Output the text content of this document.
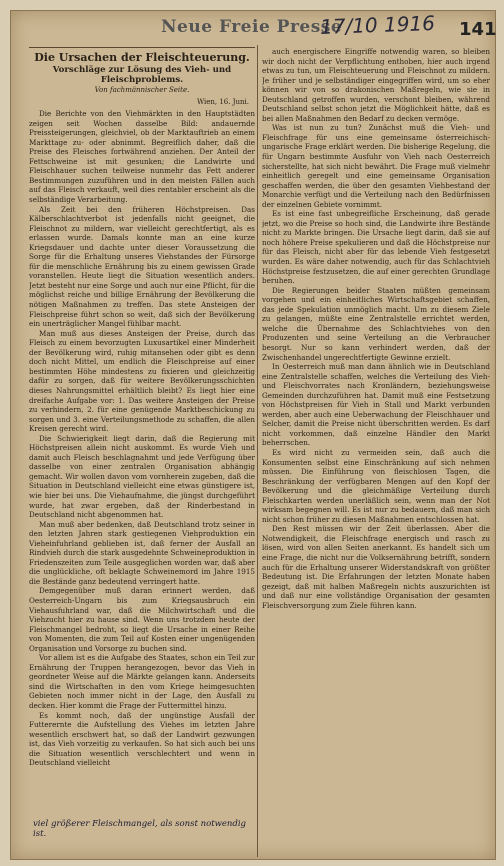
Neue Freie Presse
17/10 1916 141
Die Ursachen der Fleischteuerung.
Vorschläge zur Lösung des Vieh- und Fleischproblems.
Von fachmännischer Seite.
Wien, 16. Juni.

Die Berichte von den Viehmärkten in den Hauptstädten zeigen seit Wochen dasselbe Bild: andauernde Preissteigerungen, gleichviel, ob der Marktauftrieb an einem Markttage zu- oder abnimmt. Begreiflich daher, daß die Preise des Fleisches fortwährend anziehen. Der Anteil der Fettschweine ist mit gesunken; die Landwirte und Fleischhauer suchen teilweise nunmehr das Fett anderer Bestimmungen zuzuführen und in den meisten Fällen auch auf das Fleisch verkauft, weil dies rentabler erscheint als die selbständige Verarbeitung.

Als Zeit bei den früheren Höchstpreisen. Das Kälberschlachtverbot ist jedenfalls nicht geeignet, die Fleischnot zu mildern, war vielleicht gerechtfertigt, als es erlassen wurde. Damals konnte man an eine kurze Kriegsdauer und dachte unter dieser Voraussetzung die Sorge für die Erhaltung unseres Viehstandes der Fürsorge für die menschliche Ernährung bis zu einem gewissen Grade voranstellen. Heute liegt die Situation wesentlich anders. Jetzt besteht nur eine Sorge und auch nur eine Pflicht, für die möglichst reiche und billige Ernährung der Bevölkerung die nötigen Maßnahmen zu treffen. Das stete Ansteigen der Fleischpreise führt schon so weit, daß sich der Bevölkerung ein unerträglicher Mangel fühlbar macht.

Man muß aus dieses Ansteigen der Preise, durch das Fleisch zu einem bevorzugten Luxusartikel einer Minderheit der Bevölkerung wird, ruhig mitansehen oder gibt es denn doch nicht Mittel, um endlich die Fleischpreise auf einer bestimmten Höhe mindestens zu fixieren und gleichzeitig dafür zu sorgen, daß für weitere Bevölkerungsschichten dieses Nahrungsmittel erhältlich bleibt? Es liegt hier eine dreifache Aufgabe vor: 1. Das weitere Ansteigen der Preise zu verhindern, 2. für eine genügende Marktbeschickung zu sorgen und 3. eine Verteilungsmethode zu schaffen, die allen Kreisen gerecht wird.

Die Schwierigkeit liegt darin, daß die Regierung mit Höchstpreisen allein nicht auskommt. Es wurde Vieh und damit auch Fleisch beschlagnahmt und jede Verfügung über dasselbe von einer zentralen Organisation abhängig gemacht. Wir wollen davon vom vornherein zugeben, daß die Situation in Deutschland vielleicht eine etwas günstigere ist, wie hier bei uns. Die Viehaufnahme, die jüngst durchgeführt wurde, hat zwar ergeben, daß der Rinderbestand in Deutschland nicht abgenommen hat.

Man muß aber bedenken, daß Deutschland trotz seiner in den letzten Jahren stark gestiegenen Viehproduktion ein Vieheinfuhrland geblieben ist, daß ferner der Ausfall an Rindvieh durch die stark ausgedehnte Schweineproduktion in Friedenszeiten zum Teile ausgeglichen worden war, daß aber die unglückliche, oft beklagte Schweinemord im Jahre 1915 die Bestände ganz bedeutend verringert hatte.

Demgegenüber muß daran erinnert werden, daß Oesterreich-Ungarn bis zum Kriegsausbruch ein Viehausfuhrland war, daß die Milchwirtschaft und die Viehzucht hier zu hause sind. Wenn uns trotzdem heute der Fleischmangel bedroht, so liegt die Ursache in einer Reihe von Momenten, die zum Teil auf Kosten einer ungenügenden Organisation und Vorsorge zu buchen sind.

Vor allem ist es die Aufgabe des Staates, schon ein Teil zur Ernährung der Truppen herangezogen, bevor das Vieh in geordneter Weise auf die Märkte gelangen kann. Anderseits sind die Wirtschaften in den vom Kriege heimgesuchten Gebieten noch immer nicht in der Lage, den Ausfall zu decken. Hier kommt die Frage der Futtermittel hinzu.

Es kommt noch, daß der ungünstige Ausfall der Futterernte die Aufstellung des Viehes im letzten Jahre wesentlich erschwert hat, so daß der Landwirt gezwungen ist, das Vieh vorzeitig zu verkaufen. So hat sich auch bei uns die Situation wesentlich verschlechtert und wenn in Deutschland vielleicht

auch energischere Eingriffe notwendig waren, so bleiben wir doch nicht der Verpflichtung enthoben, hier auch irgend etwas zu tun, um Fleischteuerung und Fleischnot zu mildern. Je früher und je selbständiger eingegriffen wird, um so eher können wir von so drakonischen Maßregeln, wie sie in Deutschland getroffen wurden, verschont bleiben, während Deutschland selbst schon jetzt die Möglichkeit hätte, daß es bei allen Maßnahmen den Bedarf zu decken vermöge.

Was ist nun zu tun? Zunächst muß die Vieh- und Fleischfrage für uns eine gemeinsame österreichisch-ungarische Frage erklärt werden. Die bisherige Regelung, die für Ungarn bestimmte Ausfuhr von Vieh nach Oesterreich sicherstellte, hat sich nicht bewährt. Die Frage muß vielmehr einheitlich geregelt und eine gemeinsame Organisation geschaffen werden, die über den gesamten Viehbestand der Monarchie verfügt und die Verteilung nach den Bedürfnissen der einzelnen Gebiete vornimmt.

Es ist eine fast unbegreifliche Erscheinung, daß gerade jetzt, wo die Preise so hoch sind, die Landwirte ihre Bestände nicht zu Markte bringen. Die Ursache liegt darin, daß sie auf noch höhere Preise spekulieren und daß die Höchstpreise nur für das Fleisch, nicht aber für das lebende Vieh festgesetzt wurden. Es wäre daher notwendig, auch für das Schlachtvieh Höchstpreise festzusetzen, die auf einer gerechten Grundlage beruhen.

Die Regierungen beider Staaten müßten gemeinsam vorgehen und ein einheitliches Wirtschaftsgebiet schaffen, das jede Spekulation unmöglich macht. Um zu diesem Ziele zu gelangen, müßte eine Zentralstelle errichtet werden, welche die Übernahme des Schlachtviehes von den Produzenten und seine Verteilung an die Verbraucher besorgt. Nur so kann verhindert werden, daß der Zwischenhandel ungerechtfertigte Gewinne erzielt.

In Oesterreich muß man dann ähnlich wie in Deutschland eine Zentralstelle schaffen, welches die Verteilung des Vieh- und Fleischvorrates nach Kronländern, beziehungsweise Gemeinden durchzuführen hat. Damit muß eine Festsetzung von Höchstpreisen für Vieh in Stall und Markt verbunden werden, aber auch eine Ueberwachung der Fleischhauer und Selcher, damit die Preise nicht überschritten werden. Es darf nicht vorkommen, daß einzelne Händler den Markt beherrschen.

Es wird nicht zu vermeiden sein, daß auch die Konsumenten selbst eine Einschränkung auf sich nehmen müssen. Die Einführung von fleischlosen Tagen, die Beschränkung der verfügbaren Mengen auf den Kopf der Bevölkerung und die gleichmäßige Verteilung durch Fleischkarten werden unerläßlich sein, wenn man der Not wirksam begegnen will. Es ist nur zu bedauern, daß man sich nicht schon früher zu diesen Maßnahmen entschlossen hat.

Den Rest müssen wir der Zeit überlassen. Aber die Notwendigkeit, die Fleischfrage energisch und rasch zu lösen, wird von allen Seiten anerkannt. Es handelt sich um eine Frage, die nicht nur die Volksernährung betrifft, sondern auch für die Erhaltung unserer Widerstandskraft von größter Bedeutung ist. Die Erfahrungen der letzten Monate haben gezeigt, daß mit halben Maßregeln nichts auszurichten ist und daß nur eine vollständige Organisation der gesamten Fleischversorgung zum Ziele führen kann.

viel größerer Fleischmangel, als sonst notwendig ist.
